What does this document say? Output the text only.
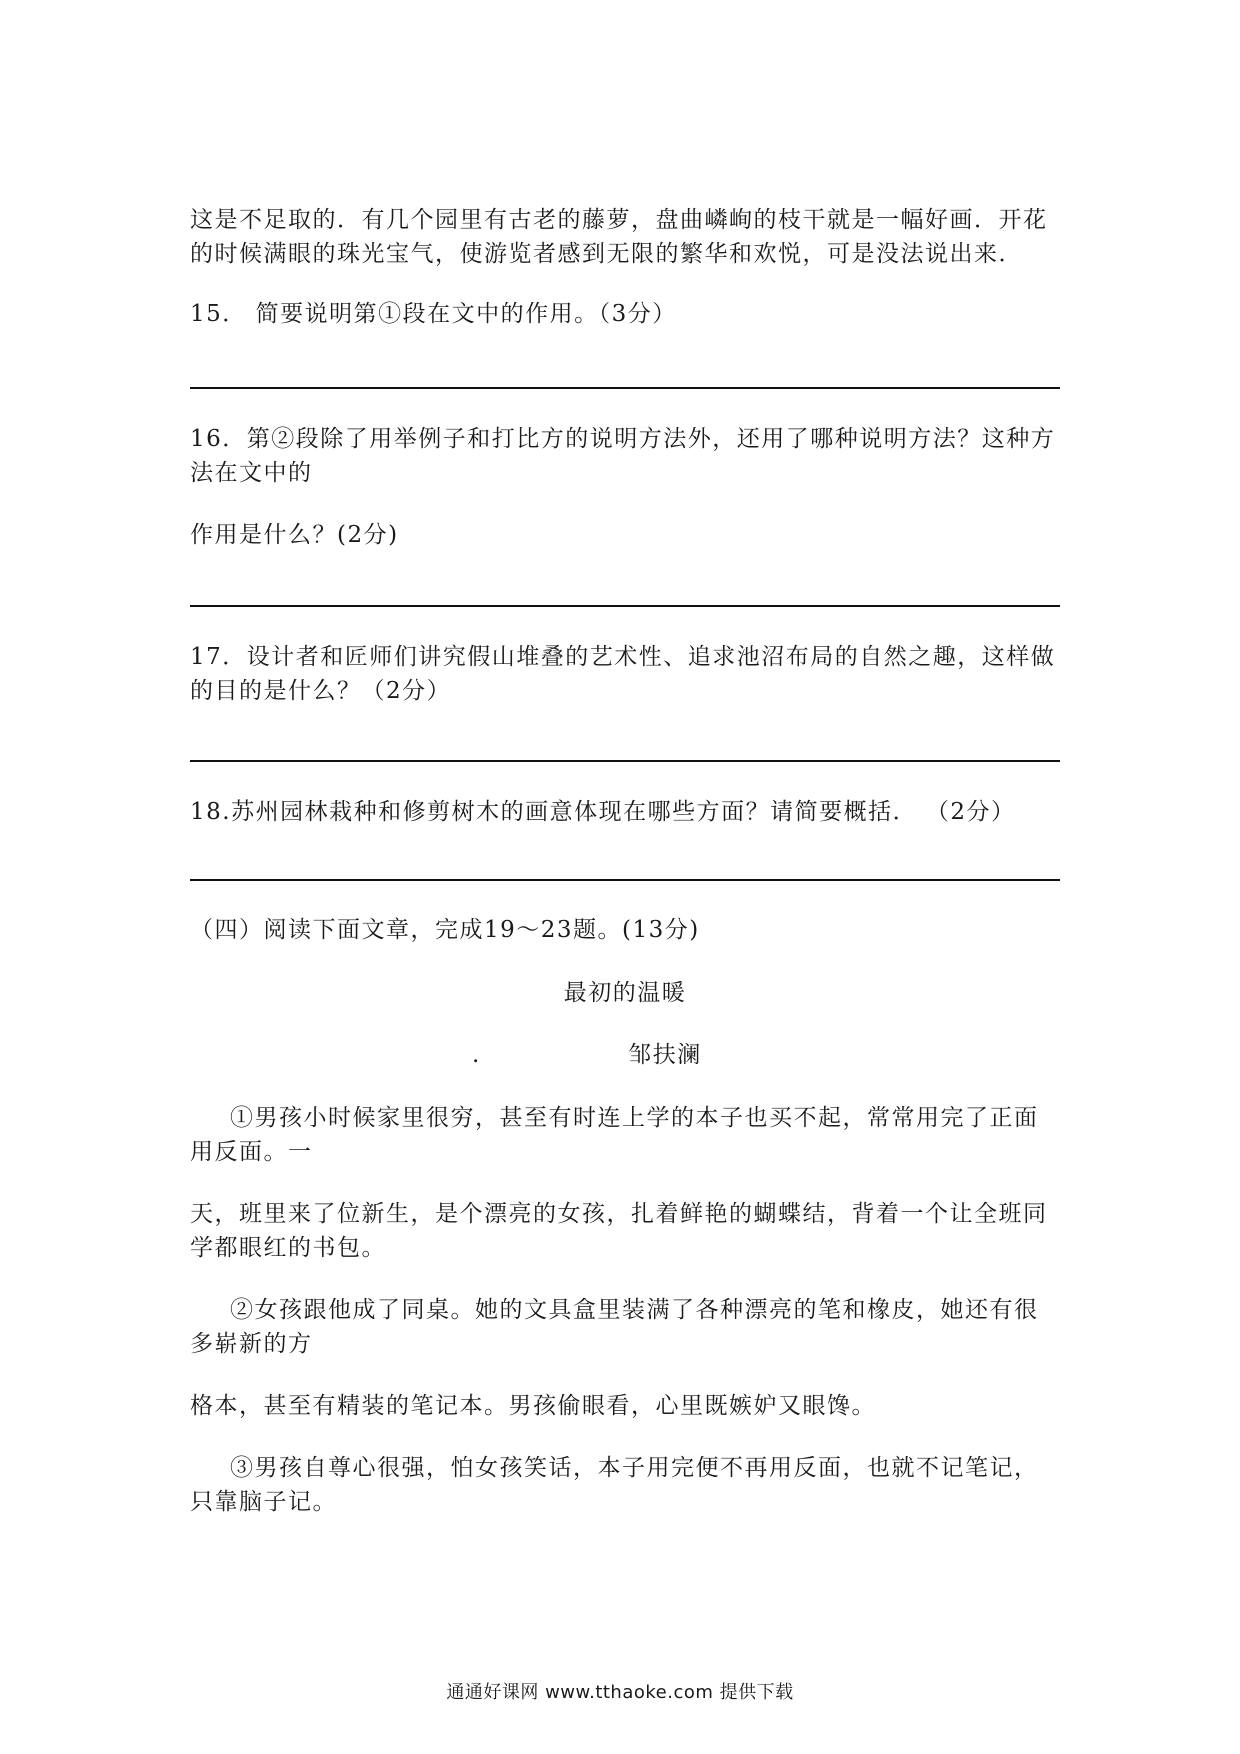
这是不足取的．有几个园里有古老的藤萝，盘曲嶙峋的枝干就是一幅好画．开花
的时候满眼的珠光宝气，使游览者感到无限的繁华和欢悦，可是没法说出来．
15． 简要说明第①段在文中的作用。（3分）
16．第②段除了用举例子和打比方的说明方法外，还用了哪种说明方法？这种方
法在文中的
作用是什么？(2分)
17．设计者和匠师们讲究假山堆叠的艺术性、追求池沼布局的自然之趣，这样做
的目的是什么？（2分）
18.苏州园林栽种和修剪树木的画意体现在哪些方面？请简要概括． （2分）
（四）阅读下面文章，完成19～23题。(13分)
最初的温暖
.	邹扶澜
①男孩小时候家里很穷，甚至有时连上学的本子也买不起，常常用完了正面
用反面。一
天，班里来了位新生，是个漂亮的女孩，扎着鲜艳的蝴蝶结，背着一个让全班同
学都眼红的书包。
②女孩跟他成了同桌。她的文具盒里装满了各种漂亮的笔和橡皮，她还有很
多崭新的方
格本，甚至有精装的笔记本。男孩偷眼看，心里既嫉妒又眼馋。
③男孩自尊心很强，怕女孩笑话，本子用完便不再用反面，也就不记笔记，
只靠脑子记。
通通好课网 www.tthaoke.com 提供下载
